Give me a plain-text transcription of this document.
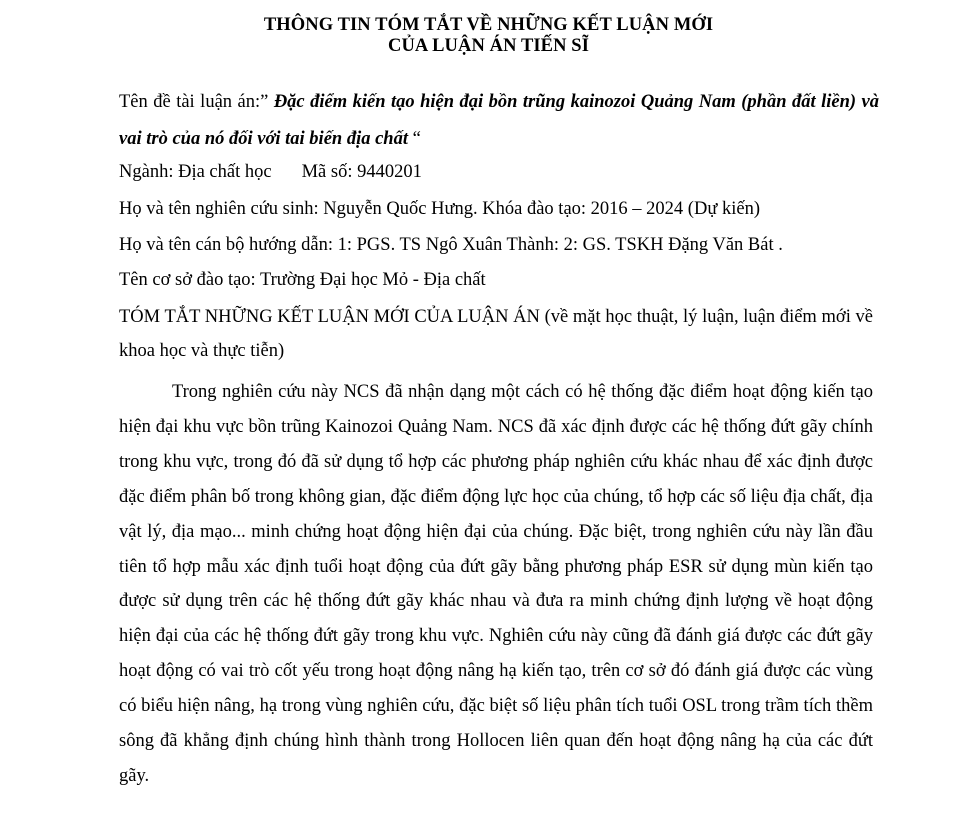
THÔNG TIN TÓM TẮT VỀ NHỮNG KẾT LUẬN MỚI
CỦA LUẬN ÁN TIẾN SĨ
Tên đề tài luận án:” Đặc điểm kiến tạo hiện đại bồn trũng kainozoi Quảng Nam (phần đất liền) và vai trò của nó đối với tai biến địa chất “
Ngành: Địa chất học Mã số: 9440201
Họ và tên nghiên cứu sinh: Nguyễn Quốc Hưng. Khóa đào tạo: 2016 – 2024 (Dự kiến)
Họ và tên cán bộ hướng dẫn: 1: PGS. TS Ngô Xuân Thành: 2: GS. TSKH Đặng Văn Bát .
Tên cơ sở đào tạo: Trường Đại học Mỏ - Địa chất
TÓM TẮT NHỮNG KẾT LUẬN MỚI CỦA LUẬN ÁN (về mặt học thuật, lý luận, luận điểm mới về khoa học và thực tiễn)

Trong nghiên cứu này NCS đã nhận dạng một cách có hệ thống đặc điểm hoạt động kiến tạo hiện đại khu vực bồn trũng Kainozoi Quảng Nam. NCS đã xác định được các hệ thống đứt gãy chính trong khu vực, trong đó đã sử dụng tổ hợp các phương pháp nghiên cứu khác nhau để xác định được đặc điểm phân bố trong không gian, đặc điểm động lực học của chúng, tổ hợp các số liệu địa chất, địa vật lý, địa mạo... minh chứng hoạt động hiện đại của chúng. Đặc biệt, trong nghiên cứu này lần đầu tiên tổ hợp mẫu xác định tuổi hoạt động của đứt gãy bằng phương pháp ESR sử dụng mùn kiến tạo được sử dụng trên các hệ thống đứt gãy khác nhau và đưa ra minh chứng định lượng về hoạt động hiện đại của các hệ thống đứt gãy trong khu vực. Nghiên cứu này cũng đã đánh giá được các đứt gãy hoạt động có vai trò cốt yếu trong hoạt động nâng hạ kiến tạo, trên cơ sở đó đánh giá được các vùng có biểu hiện nâng, hạ trong vùng nghiên cứu, đặc biệt số liệu phân tích tuổi OSL trong trầm tích thềm sông đã khẳng định chúng hình thành trong Hollocen liên quan đến hoạt động nâng hạ của các đứt gãy.
